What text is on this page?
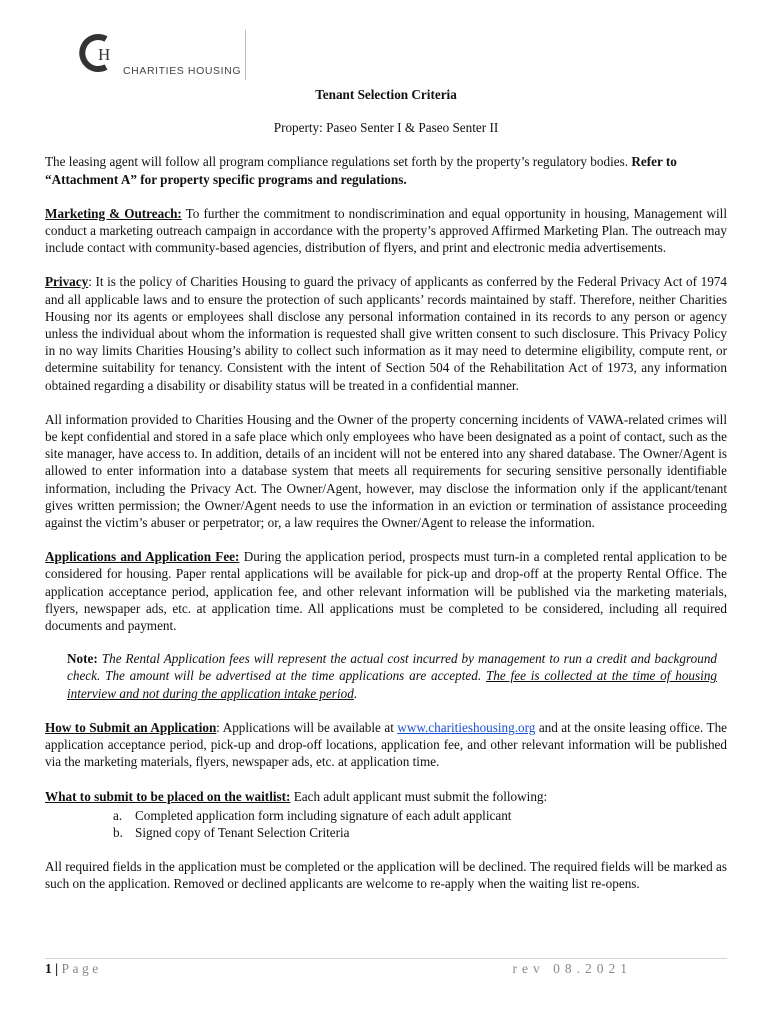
H
CHARITIES HOUSING

Tenant Selection Criteria

Property: Paseo Senter I & Paseo Senter II

The leasing agent will follow all program compliance regulations set forth by the property’s regulatory bodies. Refer to “Attachment A” for property specific programs and regulations.

Marketing & Outreach: To further the commitment to nondiscrimination and equal opportunity in housing, Management will conduct a marketing outreach campaign in accordance with the property’s approved Affirmed Marketing Plan. The outreach may include contact with community-based agencies, distribution of flyers, and print and electronic media advertisements.

Privacy: It is the policy of Charities Housing to guard the privacy of applicants as conferred by the Federal Privacy Act of 1974 and all applicable laws and to ensure the protection of such applicants’ records maintained by staff. Therefore, neither Charities Housing nor its agents or employees shall disclose any personal information contained in its records to any person or agency unless the individual about whom the information is requested shall give written consent to such disclosure. This Privacy Policy in no way limits Charities Housing’s ability to collect such information as it may need to determine eligibility, compute rent, or determine suitability for tenancy. Consistent with the intent of Section 504 of the Rehabilitation Act of 1973, any information obtained regarding a disability or disability status will be treated in a confidential manner.

All information provided to Charities Housing and the Owner of the property concerning incidents of VAWA-related crimes will be kept confidential and stored in a safe place which only employees who have been designated as a point of contact, such as the site manager, have access to. In addition, details of an incident will not be entered into any shared database. The Owner/Agent is allowed to enter information into a database system that meets all requirements for securing sensitive personally identifiable information, including the Privacy Act. The Owner/Agent, however, may disclose the information only if the applicant/tenant gives written permission; the Owner/Agent needs to use the information in an eviction or termination of assistance proceeding against the victim’s abuser or perpetrator; or, a law requires the Owner/Agent to release the information.

Applications and Application Fee: During the application period, prospects must turn-in a completed rental application to be considered for housing. Paper rental applications will be available for pick-up and drop-off at the property Rental Office. The application acceptance period, application fee, and other relevant information will be published via the marketing materials, flyers, newspaper ads, etc. at application time. All applications must be completed to be considered, including all required documents and payment.

Note: The Rental Application fees will represent the actual cost incurred by management to run a credit and background check. The amount will be advertised at the time applications are accepted. The fee is collected at the time of housing interview and not during the application intake period.

How to Submit an Application: Applications will be available at www.charitieshousing.org and at the onsite leasing office. The application acceptance period, pick-up and drop-off locations, application fee, and other relevant information will be published via the marketing materials, flyers, newspaper ads, etc. at application time.

What to submit to be placed on the waitlist: Each adult applicant must submit the following:

a. Completed application form including signature of each adult applicant
b. Signed copy of Tenant Selection Criteria

All required fields in the application must be completed or the application will be declined. The required fields will be marked as such on the application. Removed or declined applicants are welcome to re-apply when the waiting list re-opens.

1 | Page	rev 08.2021
